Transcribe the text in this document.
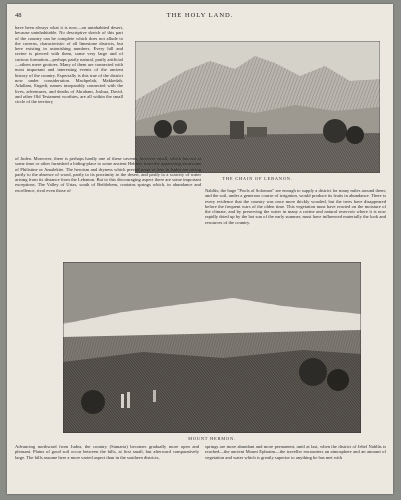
48	THE HOLY LAND.

have been always what it is now—an uninhabited desert, because uninhabitable. No descriptive sketch of this part of the country can be complete which does not allude to the caverns, characteristic of all limestone districts, but here existing in astonishing numbers. Every hill and ravine is pierced with them, some very large and of curious formation—perhaps partly natural, partly artificial—others mere grottoes. Many of them are connected with most important and interesting events of the ancient history of the country. Especially is this true of the district now under consideration. Machpelah, Makkedah, Adullam, Engedi, names inseparably connected with the lives, adventures, and deaths of Abraham, Joshua, David, and other Old Testament worthies, are all within the small circle of the territory

THE CHAIN OF LEBANON.

of Judea. Moreover, there is perhaps hardly one of these caverns, however small, which has not at some time or other furnished a hiding-place to some ancient Hebrew from the oppressing incursions of Philistine or Amalekite. The heroism and dryness which prevail more or less in Judea are owing partly to the absence of wood, partly to its proximity to the desert, and partly to a scarcity of water arising from its distance from the Lebanon. But to this discouraging aspect there are some important exceptions. The Valley of Urtas, south of Bethlehem, contains springs which, in abundance and excellence, rival even those of	Nablûs; the huge "Pools of Solomon" are enough to supply a district for many miles around them; and the soil, under a generous course of irrigation, would produce its fruits in abundance. There is every evidence that the country was once more thickly wooded, but the trees have disappeared before the frequent wars of the olden time. This vegetation must have reacted on the moisture of the climate, and by preserving the water in many a ravine and natural reservoir where it is now rapidly dried up by the hot sun of the early summer, must have influenced materially the look and resources of the country.

MOUNT HERMON.

Advancing northward from Judea, the country (Samaria) becomes gradually more open and pleasant. Plains of good soil occur between the hills, at first small, but afterward comparatively large. The hills assume here a more varied aspect than in the southern districts,

springs are more abundant and more permanent, until at last, when the district of Jebel Nablûs is reached—the ancient Mount Ephraim—the traveller encounters an atmosphere and an amount of vegetation and water which is greatly superior to anything he has met with
